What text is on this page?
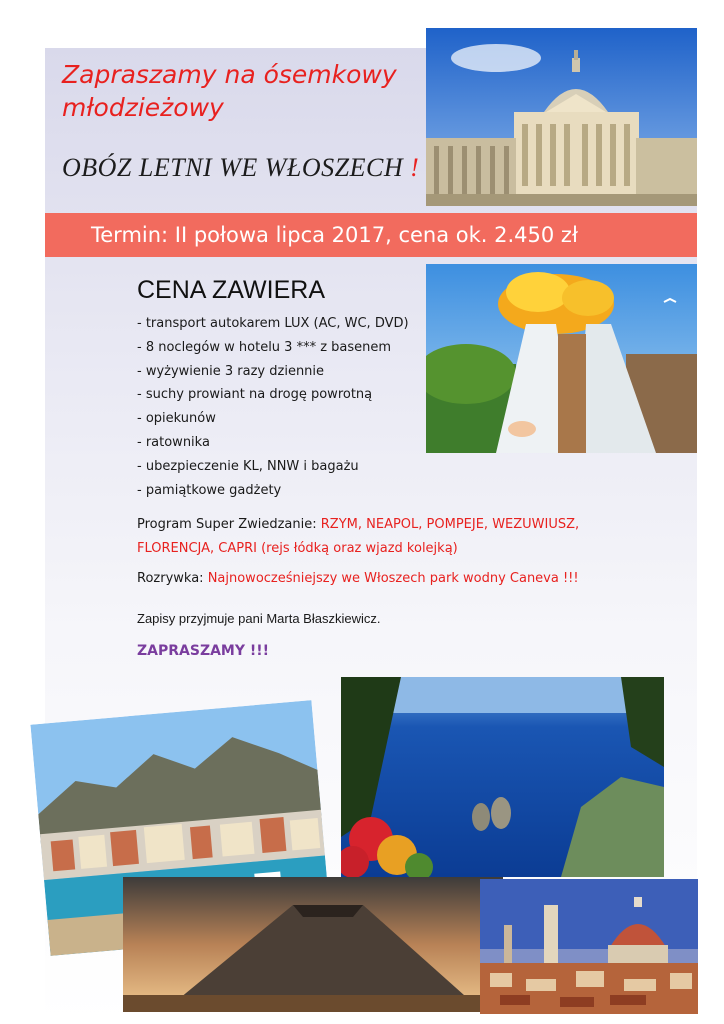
Zapraszamy na ósemkowy

młodzieżowy

OBÓZ LETNI WE WŁOSZECH !
Termin: II połowa lipca 2017, cena ok. 2.450 zł
CENA ZAWIERA
- transport autokarem LUX (AC, WC, DVD)
- 8 noclegów w hotelu 3 *** z basenem
- wyżywienie 3 razy dziennie
- suchy prowiant na drogę powrotną
- opiekunów
- ratownika
- ubezpieczenie KL, NNW i bagażu
- pamiątkowe gadżety
Program Super Zwiedzanie: RZYM, NEAPOL, POMPEJE, WEZUWIUSZ,
FLORENCJA, CAPRI (rejs łódką oraz wjazd kolejką)
Rozrywka: Najnowocześniejszy we Włoszech park wodny Caneva !!!
Zapisy przyjmuje pani Marta Błaszkiewicz.
ZAPRASZAMY !!!
